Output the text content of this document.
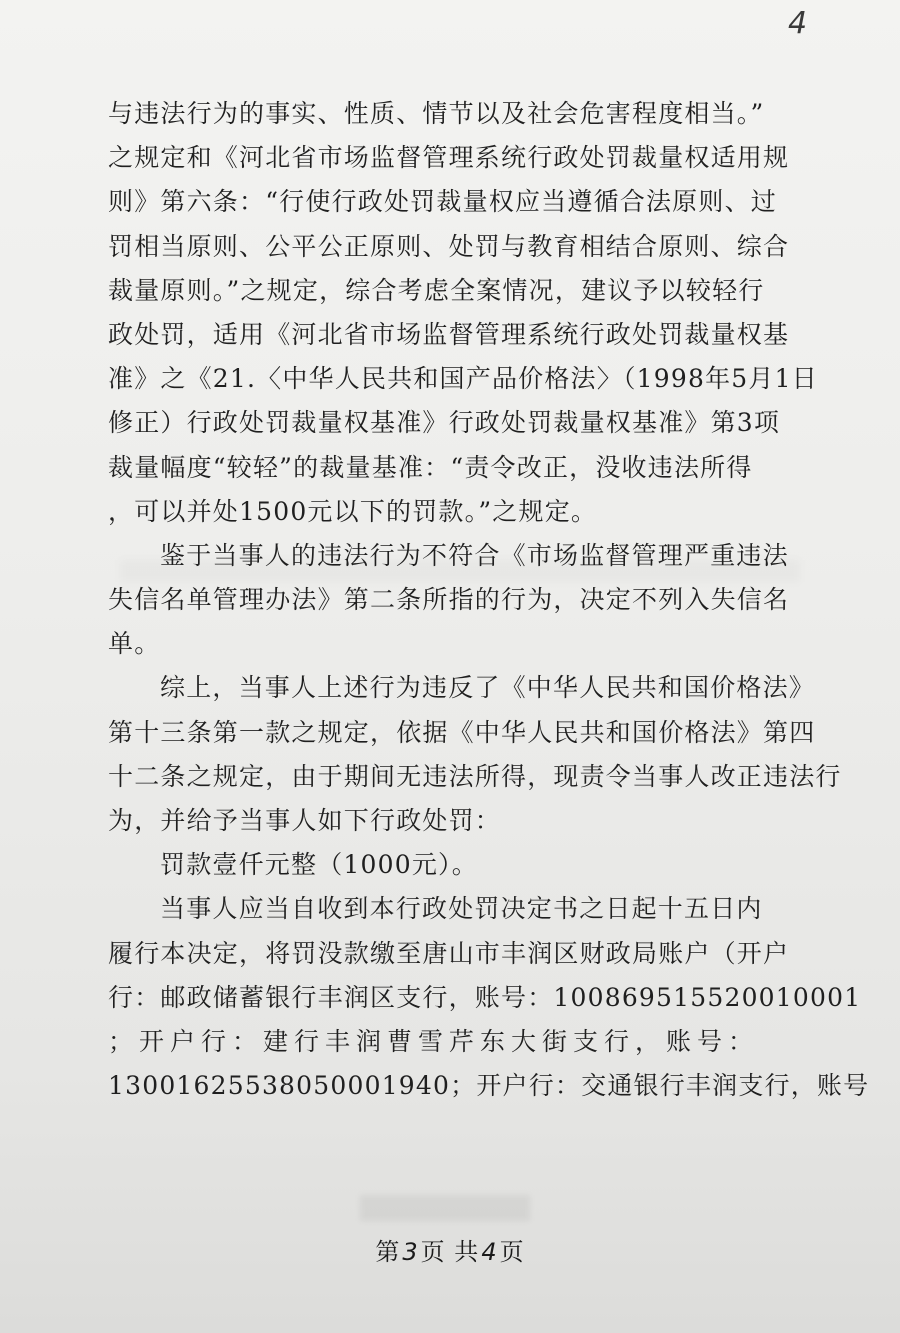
4
与违法行为的事实、性质、情节以及社会危害程度相当。”
之规定和《河北省市场监督管理系统行政处罚裁量权适用规
则》第六条：“行使行政处罚裁量权应当遵循合法原则、过
罚相当原则、公平公正原则、处罚与教育相结合原则、综合
裁量原则。”之规定，综合考虑全案情况，建议予以较轻行
政处罚，适用《河北省市场监督管理系统行政处罚裁量权基
准》之《21.〈中华人民共和国产品价格法〉（1998年5月1日
修正）行政处罚裁量权基准》行政处罚裁量权基准》第3项
裁量幅度“较轻”的裁量基准：“责令改正，没收违法所得
，可以并处1500元以下的罚款。”之规定。
鉴于当事人的违法行为不符合《市场监督管理严重违法
失信名单管理办法》第二条所指的行为，决定不列入失信名
单。
综上，当事人上述行为违反了《中华人民共和国价格法》
第十三条第一款之规定，依据《中华人民共和国价格法》第四
十二条之规定，由于期间无违法所得，现责令当事人改正违法行
为，并给予当事人如下行政处罚：
罚款壹仟元整（1000元）。
当事人应当自收到本行政处罚决定书之日起十五日内
履行本决定，将罚没款缴至唐山市丰润区财政局账户（开户
行：邮政储蓄银行丰润区支行，账号：100869515520010001
；开户行：建行丰润曹雪芹东大街支行，账号：
13001625538050001940；开户行：交通银行丰润支行，账号
第3页 共4页
